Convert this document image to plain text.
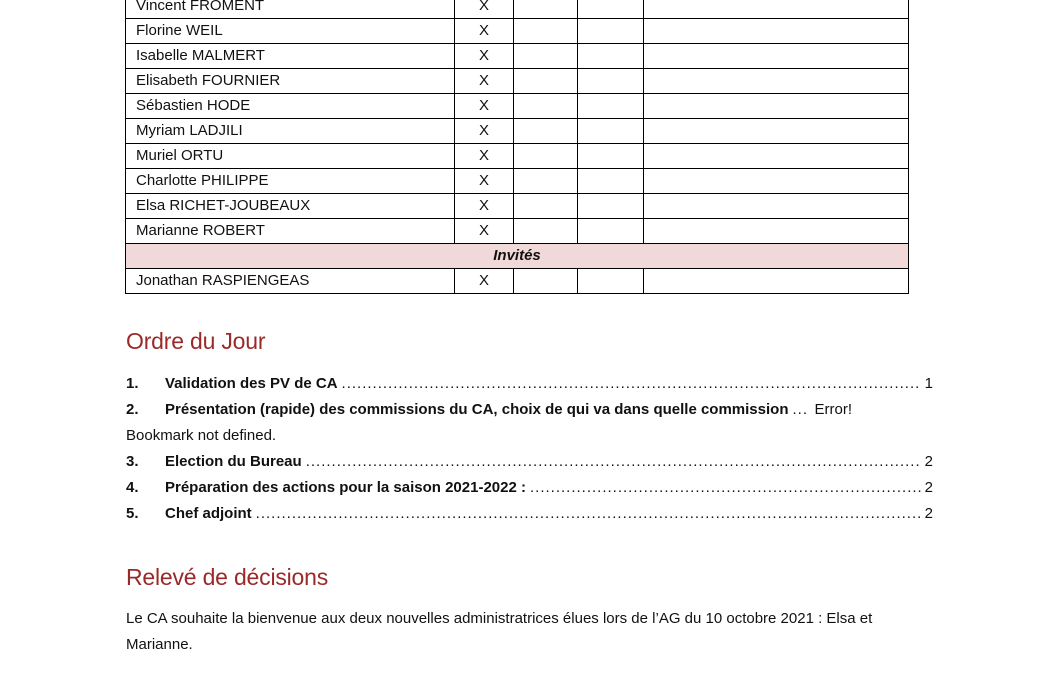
Vincent FROMENT	X			
Florine WEIL	X			
Isabelle MALMERT	X			
Elisabeth FOURNIER	X			
Sébastien HODE	X			
Myriam LADJILI	X			
Muriel ORTU	X			
Charlotte PHILIPPE	X			
Elsa RICHET-JOUBEAUX	X			
Marianne ROBERT	X			
Invités				
Jonathan RASPIENGEAS	X			
Ordre du Jour
1. Validation des PV de CA .....	1
2. Présentation (rapide) des commissions du CA, choix de qui va dans quelle commission ..... Error!
Bookmark not defined.
3. Election du Bureau .....	2
4. Préparation des actions pour la saison 2021-2022 : .....	2
5. Chef adjoint .....	2
Relevé de décisions

Le CA souhaite la bienvenue aux deux nouvelles administratrices élues lors de l’AG du 10 octobre 2021 : Elsa et Marianne.
